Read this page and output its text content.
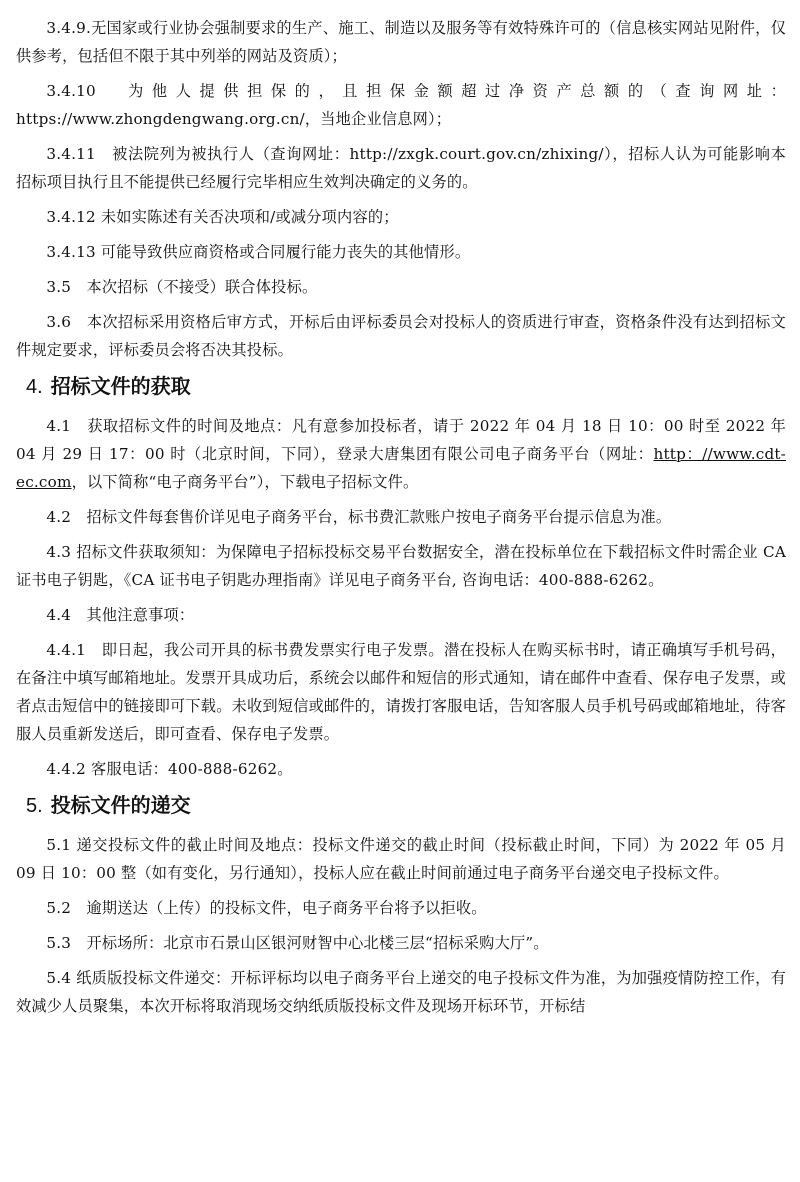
3.4.9.无国家或行业协会强制要求的生产、施工、制造以及服务等有效特殊许可的（信息核实网站见附件，仅供参考，包括但不限于其中列举的网站及资质）；

3.4.10　为他人提供担保的，且担保金额超过净资产总额的（查询网址：https://www.zhongdengwang.org.cn/，当地企业信息网）；

3.4.11　被法院列为被执行人（查询网址：http://zxgk.court.gov.cn/zhixing/），招标人认为可能影响本招标项目执行且不能提供已经履行完毕相应生效判决确定的义务的。

3.4.12 未如实陈述有关否决项和/或减分项内容的；

3.4.13 可能导致供应商资格或合同履行能力丧失的其他情形。

3.5　本次招标（不接受）联合体投标。

3.6　本次招标采用资格后审方式，开标后由评标委员会对投标人的资质进行审查，资格条件没有达到招标文件规定要求，评标委员会将否决其投标。

4. 招标文件的获取

4.1　获取招标文件的时间及地点：凡有意参加投标者，请于 2022 年 04 月 18 日 10：00 时至 2022 年 04 月 29 日 17：00 时（北京时间，下同），登录大唐集团有限公司电子商务平台（网址：http：//www.cdt-ec.com，以下简称“电子商务平台”），下载电子招标文件。

4.2　招标文件每套售价详见电子商务平台，标书费汇款账户按电子商务平台提示信息为准。

4.3 招标文件获取须知：为保障电子招标投标交易平台数据安全，潜在投标单位在下载招标文件时需企业 CA 证书电子钥匙，《CA 证书电子钥匙办理指南》详见电子商务平台, 咨询电话：400-888-6262。

4.4　其他注意事项：

4.4.1　即日起，我公司开具的标书费发票实行电子发票。潜在投标人在购买标书时，请正确填写手机号码，在备注中填写邮箱地址。发票开具成功后，系统会以邮件和短信的形式通知，请在邮件中查看、保存电子发票，或者点击短信中的链接即可下载。未收到短信或邮件的，请拨打客服电话，告知客服人员手机号码或邮箱地址，待客服人员重新发送后，即可查看、保存电子发票。

4.4.2 客服电话：400-888-6262。

5. 投标文件的递交

5.1 递交投标文件的截止时间及地点：投标文件递交的截止时间（投标截止时间，下同）为 2022 年 05 月 09 日 10：00 整（如有变化，另行通知），投标人应在截止时间前通过电子商务平台递交电子投标文件。

5.2　逾期送达（上传）的投标文件，电子商务平台将予以拒收。

5.3　开标场所：北京市石景山区银河财智中心北楼三层“招标采购大厅”。

5.4 纸质版投标文件递交：开标评标均以电子商务平台上递交的电子投标文件为准，为加强疫情防控工作，有效减少人员聚集，本次开标将取消现场交纳纸质版投标文件及现场开标环节，开标结
